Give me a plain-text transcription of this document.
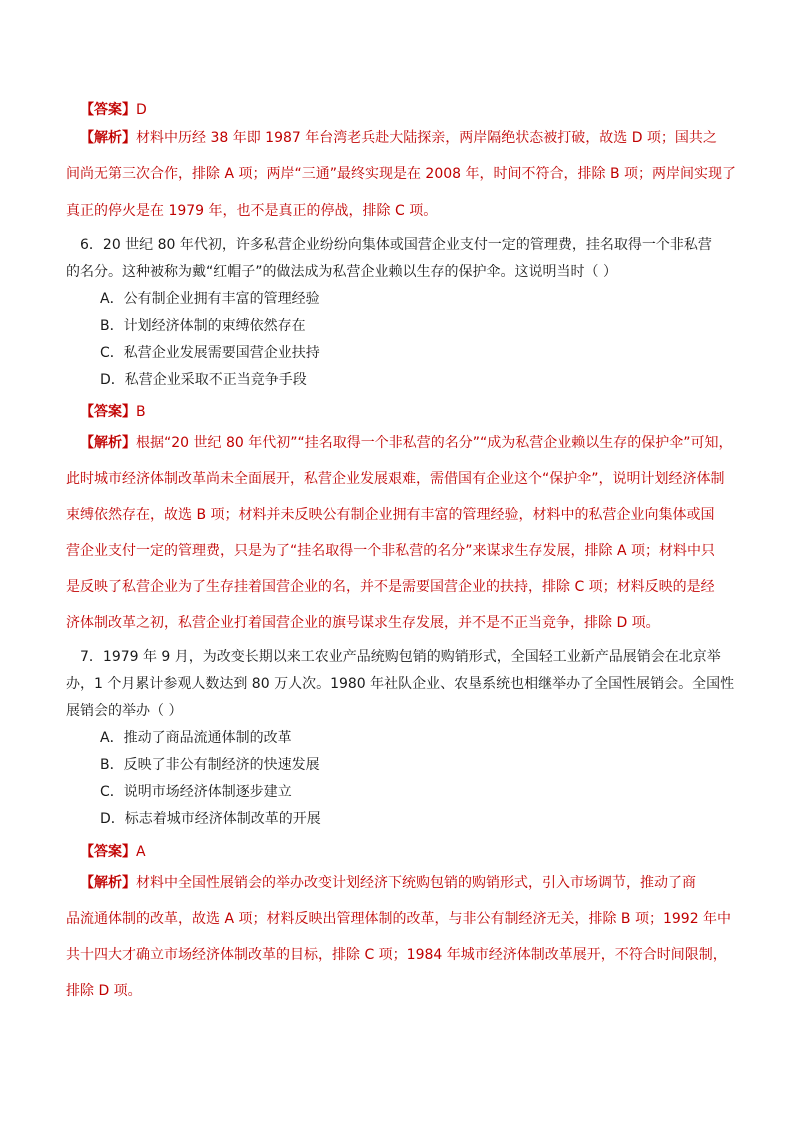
【答案】D
【解析】材料中历经 38 年即 1987 年台湾老兵赴大陆探亲，两岸隔绝状态被打破，故选 D 项；国共之
间尚无第三次合作，排除 A 项；两岸“三通”最终实现是在 2008 年，时间不符合，排除 B 项；两岸间实现了
真正的停火是在 1979 年，也不是真正的停战，排除 C 项。
6．20 世纪 80 年代初，许多私营企业纷纷向集体或国营企业支付一定的管理费，挂名取得一个非私营
的名分。这种被称为戴“红帽子”的做法成为私营企业赖以生存的保护伞。这说明当时（ ）
A．公有制企业拥有丰富的管理经验
B．计划经济体制的束缚依然存在
C．私营企业发展需要国营企业扶持
D．私营企业采取不正当竞争手段
【答案】B
【解析】根据“20 世纪 80 年代初”“挂名取得一个非私营的名分”“成为私营企业赖以生存的保护伞”可知，
此时城市经济体制改革尚未全面展开，私营企业发展艰难，需借国有企业这个“保护伞”，说明计划经济体制
束缚依然存在，故选 B 项；材料并未反映公有制企业拥有丰富的管理经验，材料中的私营企业向集体或国
营企业支付一定的管理费，只是为了“挂名取得一个非私营的名分”来谋求生存发展，排除 A 项；材料中只
是反映了私营企业为了生存挂着国营企业的名，并不是需要国营企业的扶持，排除 C 项；材料反映的是经
济体制改革之初，私营企业打着国营企业的旗号谋求生存发展，并不是不正当竞争，排除 D 项。
7．1979 年 9 月，为改变长期以来工农业产品统购包销的购销形式，全国轻工业新产品展销会在北京举
办，1 个月累计参观人数达到 80 万人次。1980 年社队企业、农垦系统也相继举办了全国性展销会。全国性
展销会的举办（ ）
A．推动了商品流通体制的改革
B．反映了非公有制经济的快速发展
C．说明市场经济体制逐步建立
D．标志着城市经济体制改革的开展
【答案】A
【解析】材料中全国性展销会的举办改变计划经济下统购包销的购销形式，引入市场调节，推动了商
品流通体制的改革，故选 A 项；材料反映出管理体制的改革，与非公有制经济无关，排除 B 项；1992 年中
共十四大才确立市场经济体制改革的目标，排除 C 项；1984 年城市经济体制改革展开，不符合时间限制，
排除 D 项。
